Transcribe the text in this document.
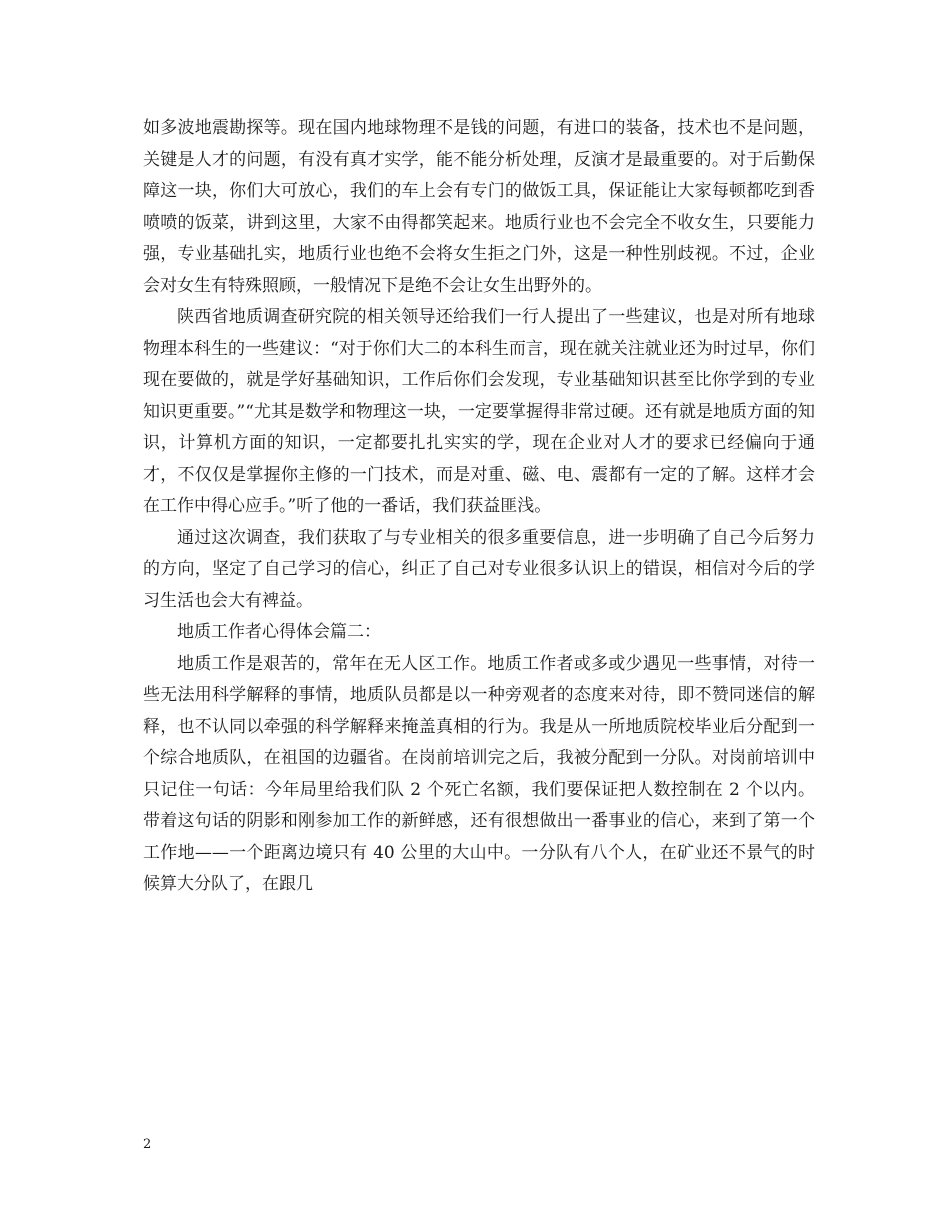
如多波地震勘探等。现在国内地球物理不是钱的问题，有进口的装备，技术也不是问题，关键是人才的问题，有没有真才实学，能不能分析处理，反演才是最重要的。对于后勤保障这一块，你们大可放心，我们的车上会有专门的做饭工具，保证能让大家每顿都吃到香喷喷的饭菜，讲到这里，大家不由得都笑起来。地质行业也不会完全不收女生，只要能力强，专业基础扎实，地质行业也绝不会将女生拒之门外，这是一种性别歧视。不过，企业会对女生有特殊照顾，一般情况下是绝不会让女生出野外的。

陕西省地质调查研究院的相关领导还给我们一行人提出了一些建议，也是对所有地球物理本科生的一些建议：“对于你们大二的本科生而言，现在就关注就业还为时过早，你们现在要做的，就是学好基础知识，工作后你们会发现，专业基础知识甚至比你学到的专业知识更重要。”“尤其是数学和物理这一块，一定要掌握得非常过硬。还有就是地质方面的知识，计算机方面的知识，一定都要扎扎实实的学，现在企业对人才的要求已经偏向于通才，不仅仅是掌握你主修的一门技术，而是对重、磁、电、震都有一定的了解。这样才会在工作中得心应手。”听了他的一番话，我们获益匪浅。

通过这次调查，我们获取了与专业相关的很多重要信息，进一步明确了自己今后努力的方向，坚定了自己学习的信心，纠正了自己对专业很多认识上的错误，相信对今后的学习生活也会大有裨益。

地质工作者心得体会篇二：

地质工作是艰苦的，常年在无人区工作。地质工作者或多或少遇见一些事情，对待一些无法用科学解释的事情，地质队员都是以一种旁观者的态度来对待，即不赞同迷信的解释，也不认同以牵强的科学解释来掩盖真相的行为。我是从一所地质院校毕业后分配到一个综合地质队，在祖国的边疆省。在岗前培训完之后，我被分配到一分队。对岗前培训中只记住一句话：今年局里给我们队 2 个死亡名额，我们要保证把人数控制在 2 个以内。带着这句话的阴影和刚参加工作的新鲜感，还有很想做出一番事业的信心，来到了第一个工作地——一个距离边境只有 40 公里的大山中。一分队有八个人，在矿业还不景气的时候算大分队了，在跟几

2
